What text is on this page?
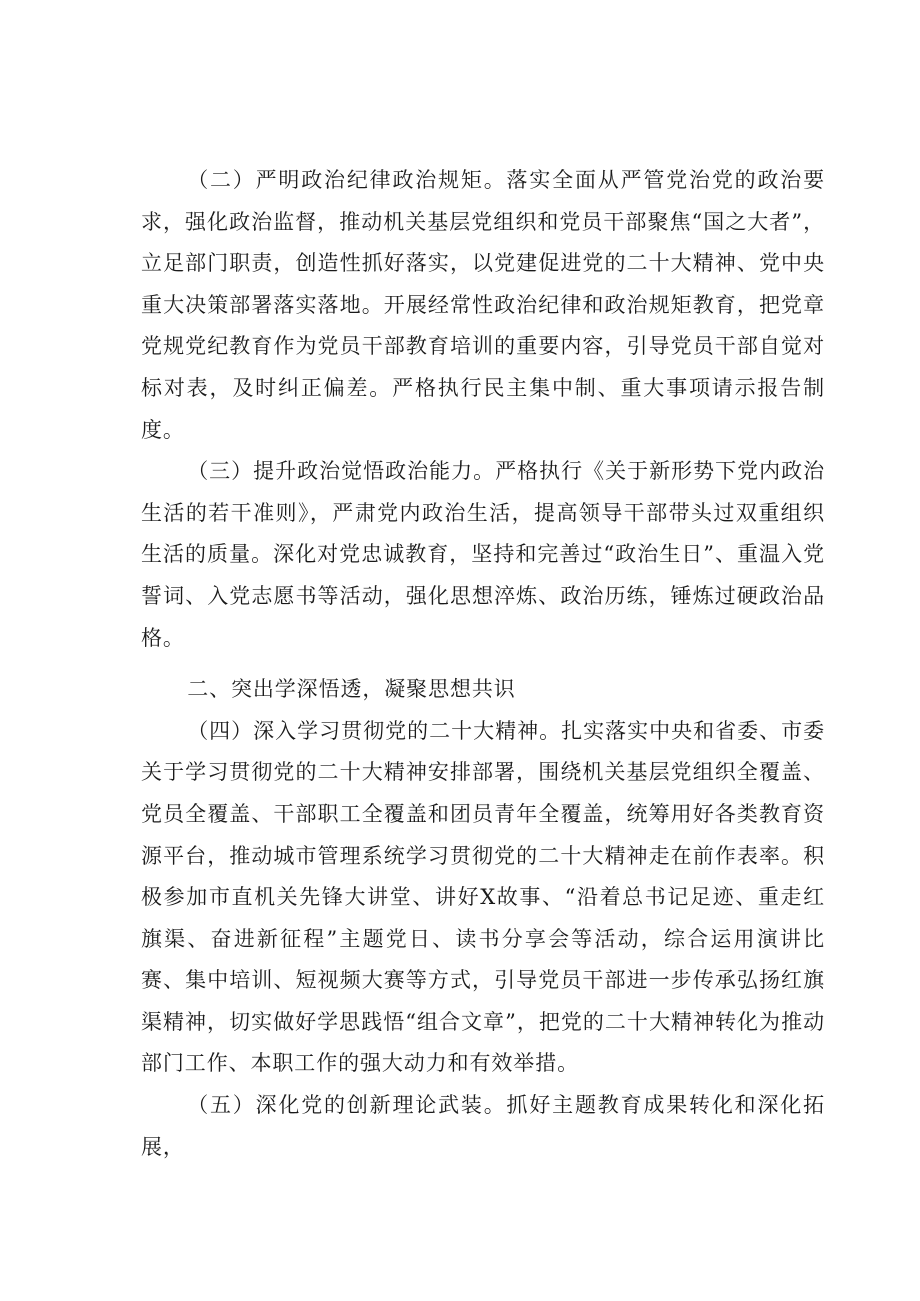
（二）严明政治纪律政治规矩。落实全面从严管党治党的政治要求，强化政治监督，推动机关基层党组织和党员干部聚焦“国之大者”，立足部门职责，创造性抓好落实，以党建促进党的二十大精神、党中央重大决策部署落实落地。开展经常性政治纪律和政治规矩教育，把党章党规党纪教育作为党员干部教育培训的重要内容，引导党员干部自觉对标对表，及时纠正偏差。严格执行民主集中制、重大事项请示报告制度。

（三）提升政治觉悟政治能力。严格执行《关于新形势下党内政治生活的若干准则》，严肃党内政治生活，提高领导干部带头过双重组织生活的质量。深化对党忠诚教育，坚持和完善过“政治生日”、重温入党誓词、入党志愿书等活动，强化思想淬炼、政治历练，锤炼过硬政治品格。

二、突出学深悟透，凝聚思想共识

（四）深入学习贯彻党的二十大精神。扎实落实中央和省委、市委关于学习贯彻党的二十大精神安排部署，围绕机关基层党组织全覆盖、党员全覆盖、干部职工全覆盖和团员青年全覆盖，统筹用好各类教育资源平台，推动城市管理系统学习贯彻党的二十大精神走在前作表率。积极参加市直机关先锋大讲堂、讲好X故事、“沿着总书记足迹、重走红旗渠、奋进新征程”主题党日、读书分享会等活动，综合运用演讲比赛、集中培训、短视频大赛等方式，引导党员干部进一步传承弘扬红旗渠精神，切实做好学思践悟“组合文章”，把党的二十大精神转化为推动部门工作、本职工作的强大动力和有效举措。

（五）深化党的创新理论武装。抓好主题教育成果转化和深化拓展，
